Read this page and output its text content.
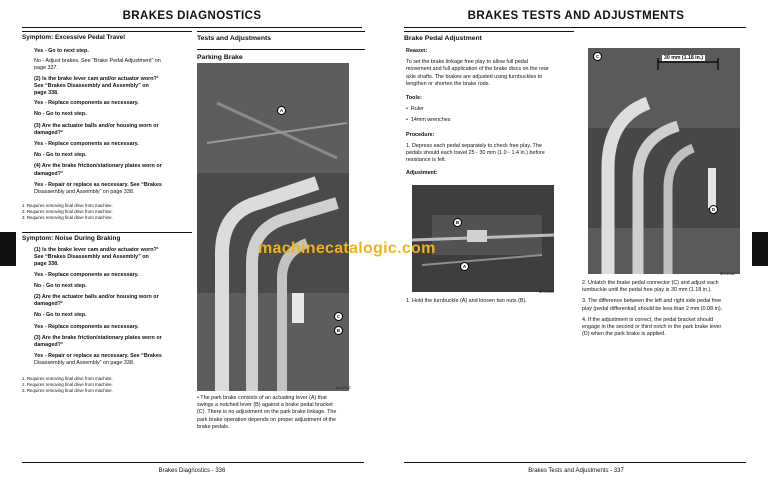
BRAKES DIAGNOSTICS
Symptom: Excessive Pedal Travel
Yes - Go to next step.
No - Adjust brakes. See “Brake Pedal Adjustment” on
page 337.
(2) Is the brake lever cam and/or actuator worn?¹
See “Brakes Disassembly and Assembly” on
page 338.
Yes - Replace components as necessary.
No - Go to next step.
(3) Are the actuator balls and/or housing worn or
damaged?²
Yes - Replace components as necessary.
No - Go to next step.
(4) Are the brake friction/stationary plates worn or
damaged?³
Yes - Repair or replace as necessary. See “Brakes
Disassembly and Assembly” on page 338.
1. Requires removing final drive from machine.
2. Requires removing final drive from machine.
3. Requires removing final drive from machine.
Symptom: Noise During Braking
(1) Is the brake lever cam and/or actuator worn?¹
See “Brakes Disassembly and Assembly” on
page 338.
Yes - Replace components as necessary.
No - Go to next step.
(2) Are the actuator balls and/or housing worn or
damaged?²
No - Go to next step.
Yes - Replace components as necessary.
(3) Are the brake friction/stationary plates worn or
damaged?³
Yes - Repair or replace as necessary. See “Brakes
Disassembly and Assembly” on page 338.
1. Requires removing final drive from machine.
2. Requires removing final drive from machine.
3. Requires removing final drive from machine.
Tests and Adjustments
Parking Brake
A
C
B
MX1062
• The park brake consists of an actuating lever (A) that
swings a notched lever (B) against a brake pedal bracket
(C). There is no adjustment on the park brake linkage. The
park brake operation depends on proper adjustment of the
brake pedals.
Brakes Diagnostics - 336
BRAKES TESTS AND ADJUSTMENTS
Brake Pedal Adjustment
Reason:
To set the brake linkage free play to allow full pedal
movement and full application of the brake discs on the rear
axle shafts. The brakes are adjusted using turnbuckles to
lengthen or shorten the brake rods.
Tools:
•  Ruler
•  14mm wrenches
Procedure:
1. Depress each pedal separately to check free play. The
pedals should each travel 25 - 30 mm (1.0 - 1.4 in.) before
resistance is felt.
Adjustment:
B
A
MX1063
1. Hold the turnbuckle (A) and loosen two nuts (B).
C
D
30 mm (1.18 in.)
MX1062
2. Unlatch the brake pedal connector (C) and adjust each
turnbuckle until the pedal free play is 30 mm (1.18 in.).
3. The difference between the left and right side pedal free
play (pedal differential) should be less than 2 mm (0.08 in).
4. If the adjustment is correct, the pedal bracket should
engage in the second or third notch in the park brake lever
(D) when the park brake is applied.
Brakes Tests and Adjustments - 337
machinecatalogic.com
